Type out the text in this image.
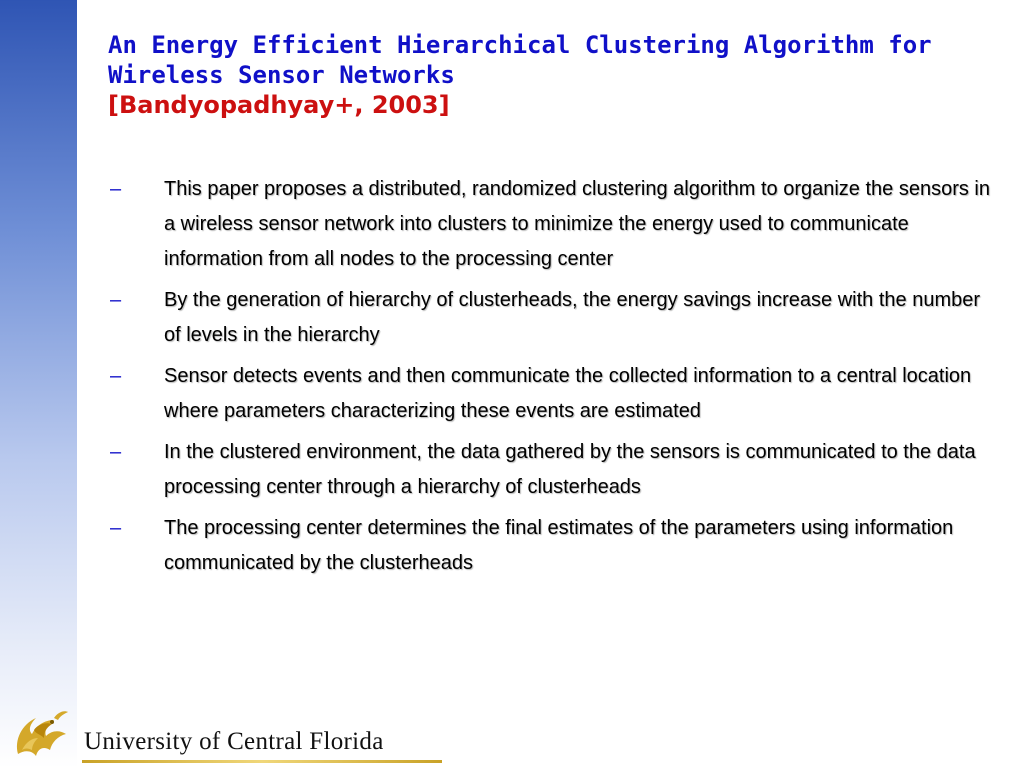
An Energy Efficient Hierarchical Clustering Algorithm for
Wireless Sensor Networks
[Bandyopadhyay+, 2003]
–	This paper proposes a distributed, randomized clustering algorithm to organize the sensors in a wireless sensor network into clusters to minimize the energy used to communicate information from all nodes to the processing center
–	By the generation of hierarchy of clusterheads, the energy savings increase with the number of levels in the hierarchy
–	Sensor detects events and then communicate the collected information to a central location where parameters characterizing these events are estimated
–	In the clustered environment, the data gathered by the sensors is communicated to the data processing center through a hierarchy of clusterheads
–	The processing center determines the final estimates of the parameters using information communicated by the clusterheads
University of Central Florida
